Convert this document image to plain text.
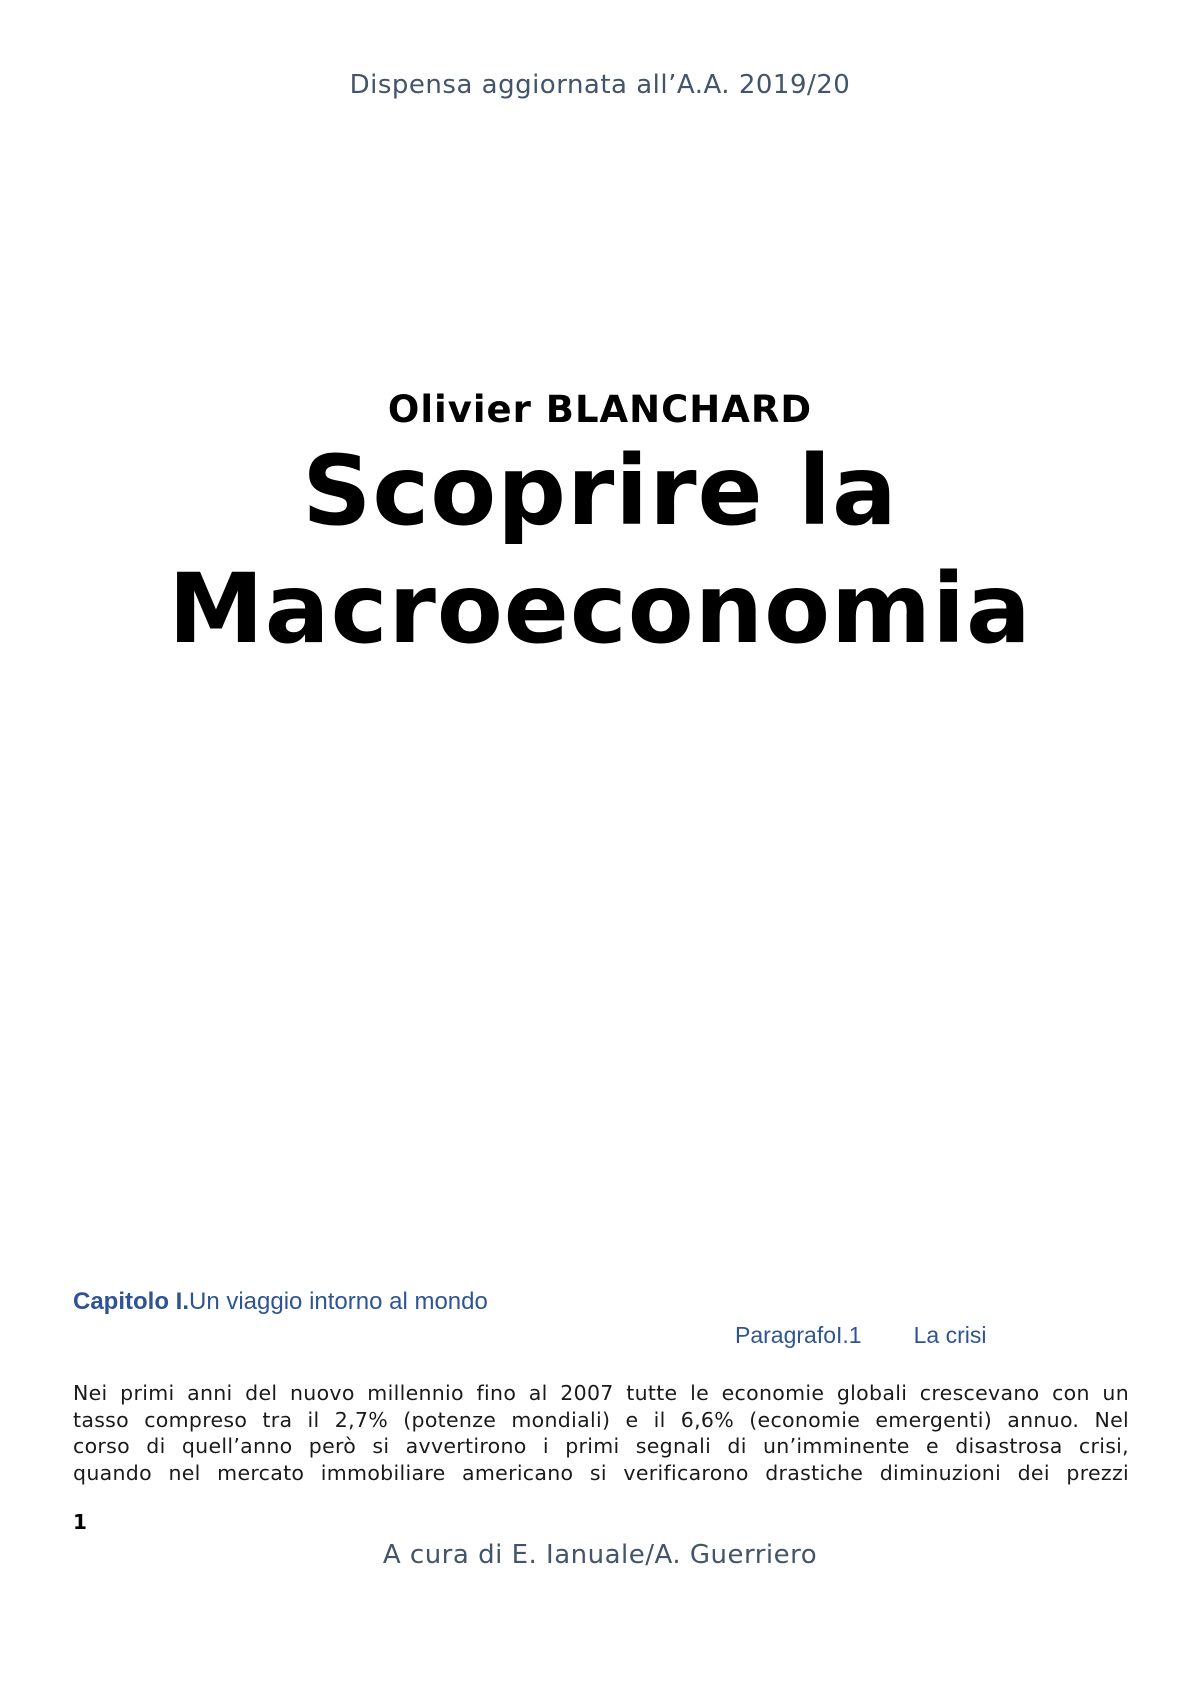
Dispensa aggiornata all’A.A. 2019/20
Olivier BLANCHARD
Scoprire la
Macroeconomia
Capitolo I.Un viaggio intorno al mondo
ParagrafoI.1 La crisi
Nei primi anni del nuovo millennio fino al 2007 tutte le economie globali crescevano con un
tasso compreso tra il 2,7% (potenze mondiali) e il 6,6% (economie emergenti) annuo. Nel
corso di quell’anno però si avvertirono i primi segnali di un’imminente e disastrosa crisi,
quando nel mercato immobiliare americano si verificarono drastiche diminuzioni dei prezzi
1
A cura di E. Ianuale/A. Guerriero
